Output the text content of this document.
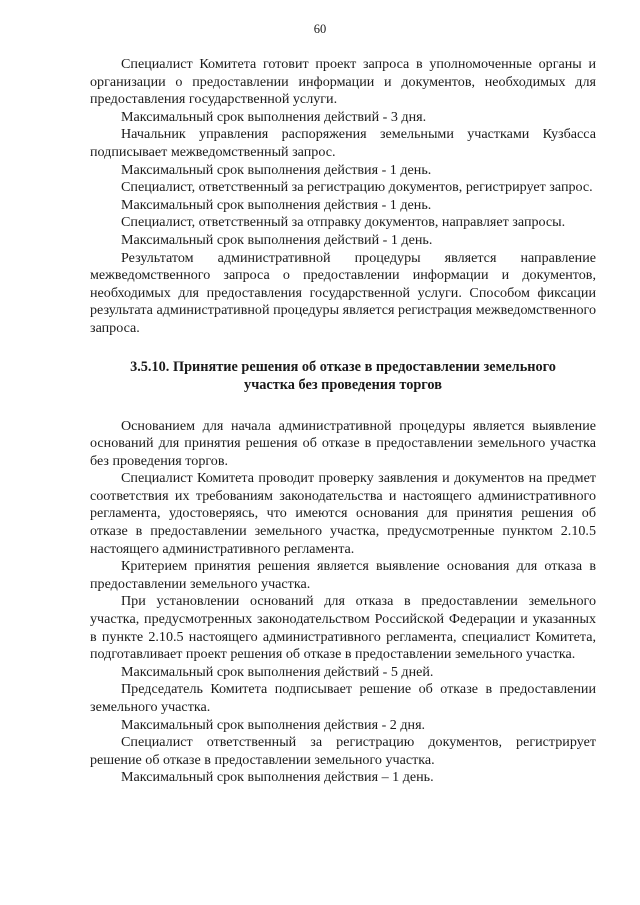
60

Специалист Комитета готовит проект запроса в уполномоченные органы и организации о предоставлении информации и документов, необходимых для предоставления государственной услуги.

Максимальный срок выполнения действий - 3 дня.

Начальник управления распоряжения земельными участками Кузбасса подписывает межведомственный запрос.

Максимальный срок выполнения действия - 1 день.

Специалист, ответственный за регистрацию документов, регистрирует запрос.

Максимальный срок выполнения действия - 1 день.

Специалист, ответственный за отправку документов, направляет запросы.

Максимальный срок выполнения действий - 1 день.

Результатом административной процедуры является направление межведомственного запроса о предоставлении информации и документов, необходимых для предоставления государственной услуги. Способом фиксации результата административной процедуры является регистрация межведомственного запроса.

3.5.10. Принятие решения об отказе в предоставлении земельного
участка без проведения торгов

Основанием для начала административной процедуры является выявление оснований для принятия решения об отказе в предоставлении земельного участка без проведения торгов.

Специалист Комитета проводит проверку заявления и документов на предмет соответствия их требованиям законодательства и настоящего административного регламента, удостоверяясь, что имеются основания для принятия решения об отказе в предоставлении земельного участка, предусмотренные пунктом 2.10.5 настоящего административного регламента.

Критерием принятия решения является выявление основания для отказа в предоставлении земельного участка.

При установлении оснований для отказа в предоставлении земельного участка, предусмотренных законодательством Российской Федерации и указанных в пункте 2.10.5 настоящего административного регламента, специалист Комитета, подготавливает проект решения об отказе в предоставлении земельного участка.

Максимальный срок выполнения действий - 5 дней.

Председатель Комитета подписывает решение об отказе в предоставлении земельного участка.

Максимальный срок выполнения действия - 2 дня.

Специалист ответственный за регистрацию документов, регистрирует решение об отказе в предоставлении земельного участка.

Максимальный срок выполнения действия – 1 день.
